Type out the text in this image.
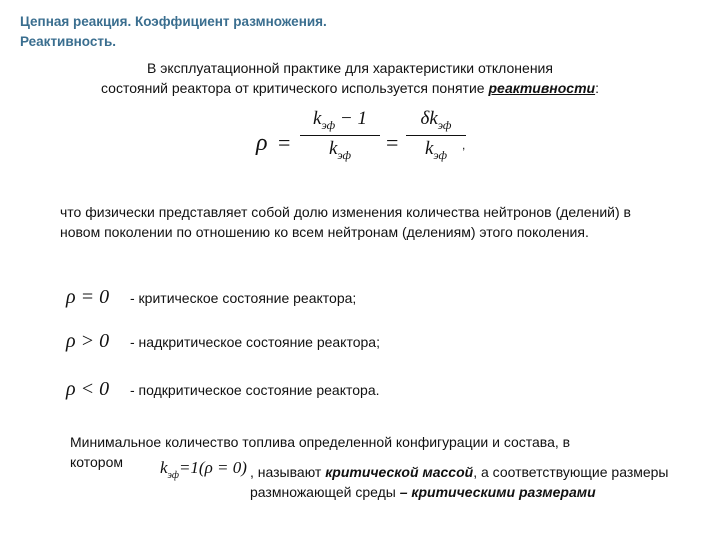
Цепная реакция. Коэффициент размножения.
Реактивность.
В эксплуатационной практике для характеристики отклонения
состояний реактора от критического используется понятие реактивности:
ρ =
$k_{эф} - 1$
$k_{эф}$	=
$\delta k_{эф}$
$k_{эф}$
,
что физически представляет собой долю изменения количества нейтронов (делений) в новом поколении по отношению ко всем нейтронам (делениям) этого поколения.
ρ = 0 - критическое состояние реактора;
ρ > 0 - надкритическое состояние реактора;
ρ < 0 - подкритическое состояние реактора.
Минимальное количество топлива определенной конфигурации и состава, в
котором	$k_{эф}=1(\rho = 0)$ , называют критической массой, а соответствующие размеры размножающей среды – критическими размерами
